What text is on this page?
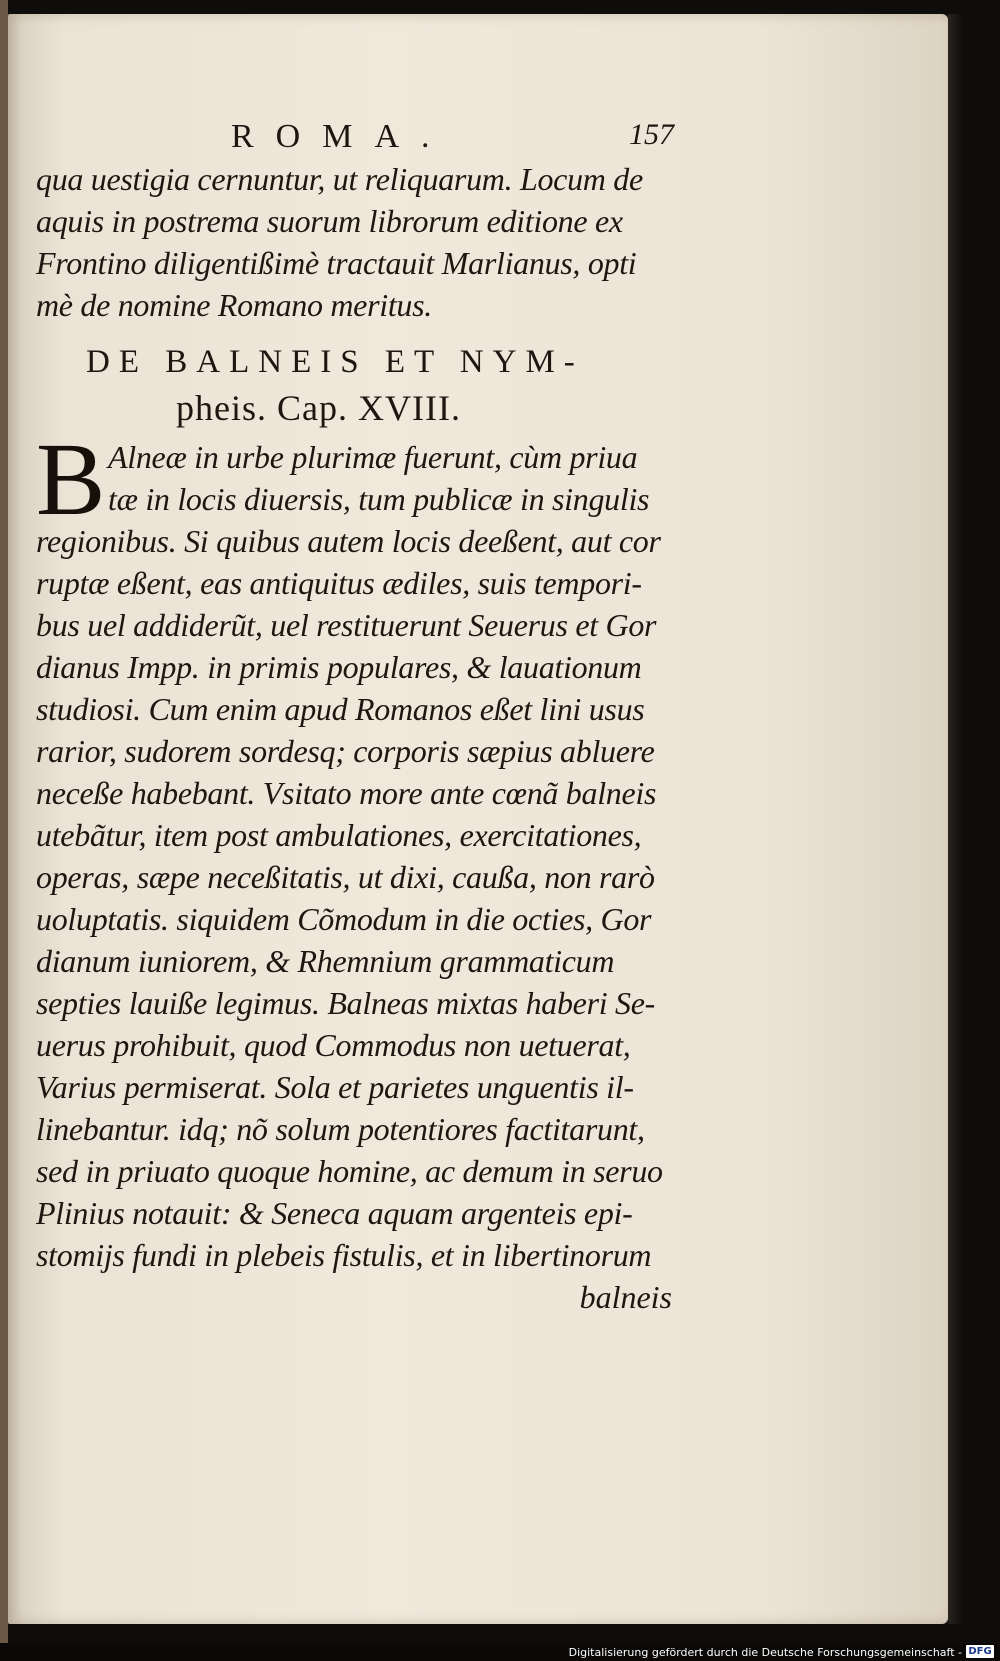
ROMA.	157
qua uestigia cernuntur, ut reliquarum. Locum de
aquis in postrema suorum librorum editione ex
Frontino diligentißimè tractauit Marlianus, opti
mè de nomine Romano meritus.
DE BALNEIS ET NYM-
pheis. Cap. XVIII.
B Alneæ in urbe plurimæ fuerunt, cùm priua
tæ in locis diuersis, tum publicæ in singulis
regionibus. Si quibus autem locis deeßent, aut cor
ruptæ eßent, eas antiquitus ædiles, suis tempori-
bus uel addiderũt, uel restituerunt Seuerus et Gor
dianus Impp. in primis populares, & lauationum
studiosi. Cum enim apud Romanos eßet lini usus
rarior, sudorem sordesq; corporis sæpius abluere
neceße habebant. Vsitato more ante cœnã balneis
utebãtur, item post ambulationes, exercitationes,
operas, sæpe neceßitatis, ut dixi, caußa, non rarò
uoluptatis. siquidem Cõmodum in die octies, Gor
dianum iuniorem, & Rhemnium grammaticum
septies lauiße legimus. Balneas mixtas haberi Se-
uerus prohibuit, quod Commodus non uetuerat,
Varius permiserat. Sola et parietes unguentis il-
linebantur. idq; nõ solum potentiores factitarunt,
sed in priuato quoque homine, ac demum in seruo
Plinius notauit: & Seneca aquam argenteis epi-
stomijs fundi in plebeis fistulis, et in libertinorum
balneis
Digitalisierung gefördert durch die Deutsche Forschungsgemeinschaft - DFG
